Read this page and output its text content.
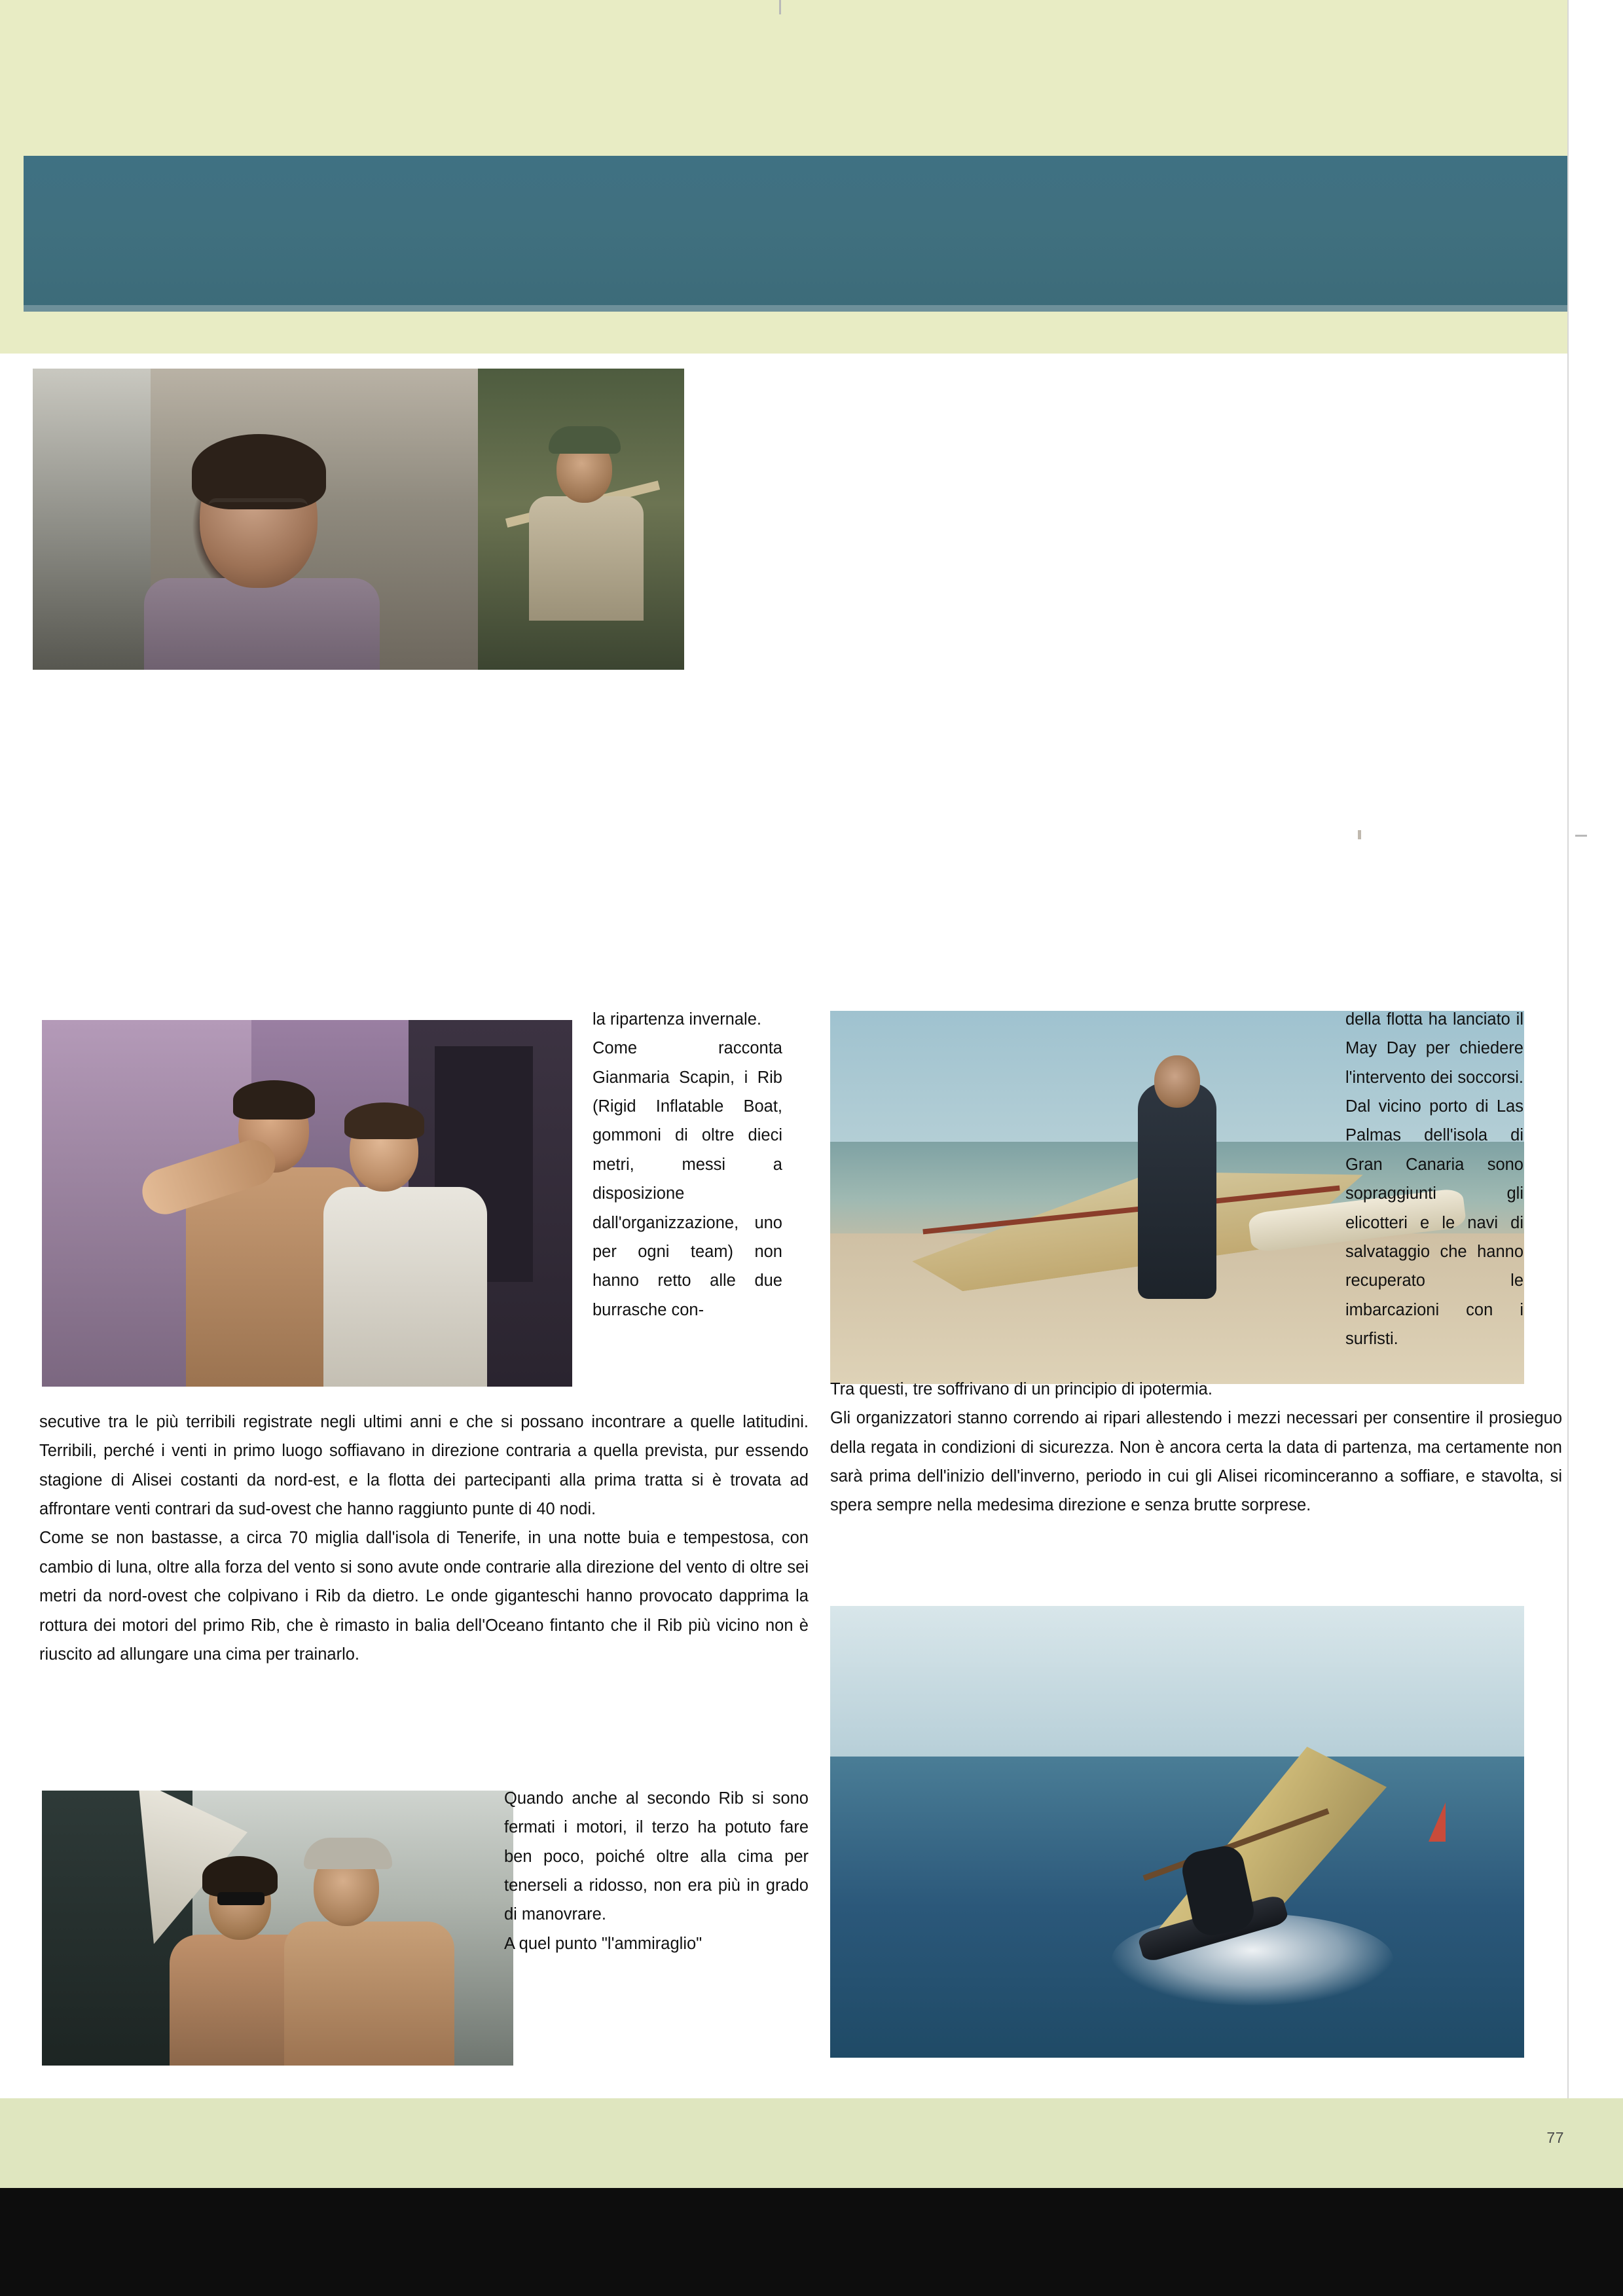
la ripartenza invernale.

Come racconta Gianmaria Scapin, i Rib (Rigid Inflatable Boat, gommoni di oltre dieci metri, messi a disposizione dall'organizzazione, uno per ogni team) non hanno retto alle due burrasche con-

della flotta ha lanciato il May Day per chiedere l'intervento dei soccorsi. Dal vicino porto di Las Palmas dell'isola di Gran Canaria sono sopraggiunti gli elicotteri e le navi di salvataggio che hanno recuperato le imbarcazioni con i surfisti.

secutive tra le più terribili registrate negli ultimi anni e che si possano incontrare a quelle latitudini. Terribili, perché i venti in primo luogo soffiavano in direzione contraria a quella prevista, pur essendo stagione di Alisei costanti da nord-est, e la flotta dei partecipanti alla prima tratta si è trovata ad affrontare venti contrari da sud-ovest che hanno raggiunto punte di 40 nodi.

Come se non bastasse, a circa 70 miglia dall'isola di Tenerife, in una notte buia e tempestosa, con cambio di luna, oltre alla forza del vento si sono avute onde contrarie alla direzione del vento di oltre sei metri da nord-ovest che colpivano i Rib da dietro. Le onde giganteschi hanno provocato dapprima la rottura dei motori del primo Rib, che è rimasto in balia dell'Oceano fintanto che il Rib più vicino non è riuscito ad allungare una cima per trainarlo.

Tra questi, tre soffrivano di un principio di ipotermia.

Gli organizzatori stanno correndo ai ripari allestendo i mezzi necessari per consentire il prosieguo della regata in condizioni di sicurezza. Non è ancora certa la data di partenza, ma certamente non sarà prima dell'inizio dell'inverno, periodo in cui gli Alisei ricominceranno a soffiare, e stavolta, si spera sempre nella medesima direzione e senza brutte sorprese.

Quando anche al secondo Rib si sono fermati i motori, il terzo ha potuto fare ben poco, poiché oltre alla cima per tenerseli a ridosso, non era più in grado di manovrare.

A quel punto "l'ammiraglio"

77
